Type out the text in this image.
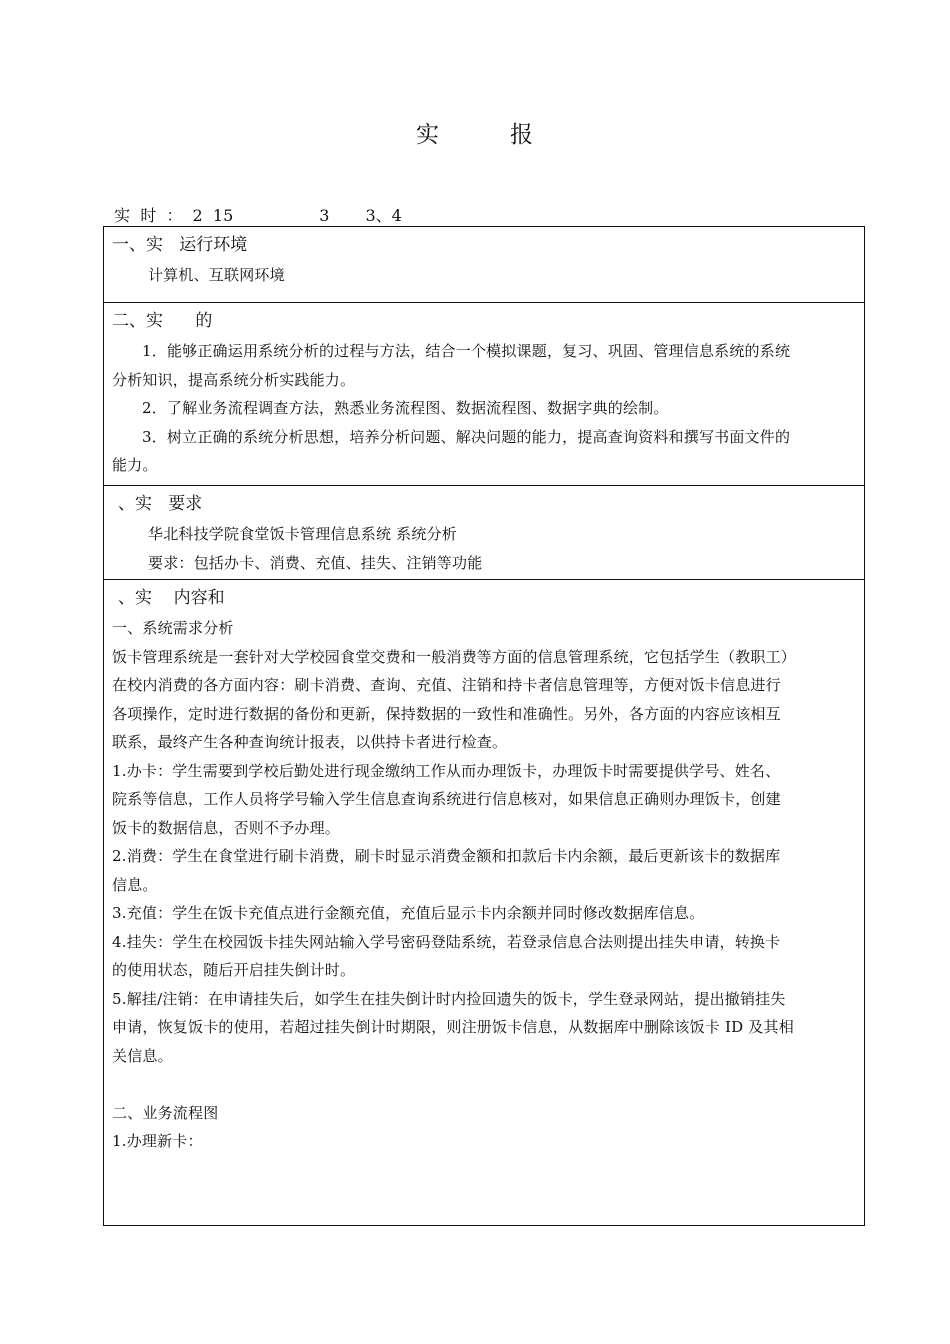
实	报

实  时  ： 2  15	3 3、4

一、实   运行环境
计算机、互联网环境
二、实      的
1．能够正确运用系统分析的过程与方法，结合一个模拟课题，复习、巩固、管理信息系统的系统
分析知识，提高系统分析实践能力。
2．了解业务流程调查方法，熟悉业务流程图、数据流程图、数据字典的绘制。
3．树立正确的系统分析思想，培养分析问题、解决问题的能力，提高查询资料和撰写书面文件的
能力。
、实   要求
华北科技学院食堂饭卡管理信息系统 系统分析
要求：包括办卡、消费、充值、挂失、注销等功能
、实    内容和
一、系统需求分析
饭卡管理系统是一套针对大学校园食堂交费和一般消费等方面的信息管理系统，它包括学生（教职工）
在校内消费的各方面内容：刷卡消费、查询、充值、注销和持卡者信息管理等，方便对饭卡信息进行
各项操作，定时进行数据的备份和更新，保持数据的一致性和准确性。另外，各方面的内容应该相互
联系，最终产生各种查询统计报表，以供持卡者进行检查。
1.办卡：学生需要到学校后勤处进行现金缴纳工作从而办理饭卡，办理饭卡时需要提供学号、姓名、
院系等信息，工作人员将学号输入学生信息查询系统进行信息核对，如果信息正确则办理饭卡，创建
饭卡的数据信息，否则不予办理。
2.消费：学生在食堂进行刷卡消费，刷卡时显示消费金额和扣款后卡内余额，最后更新该卡的数据库
信息。
3.充值：学生在饭卡充值点进行金额充值，充值后显示卡内余额并同时修改数据库信息。
4.挂失：学生在校园饭卡挂失网站输入学号密码登陆系统，若登录信息合法则提出挂失申请，转换卡
的使用状态，随后开启挂失倒计时。
5.解挂/注销：在申请挂失后，如学生在挂失倒计时内捡回遗失的饭卡，学生登录网站，提出撤销挂失
申请，恢复饭卡的使用，若超过挂失倒计时期限，则注册饭卡信息，从数据库中删除该饭卡 ID 及其相
关信息。
二、业务流程图
1.办理新卡：
